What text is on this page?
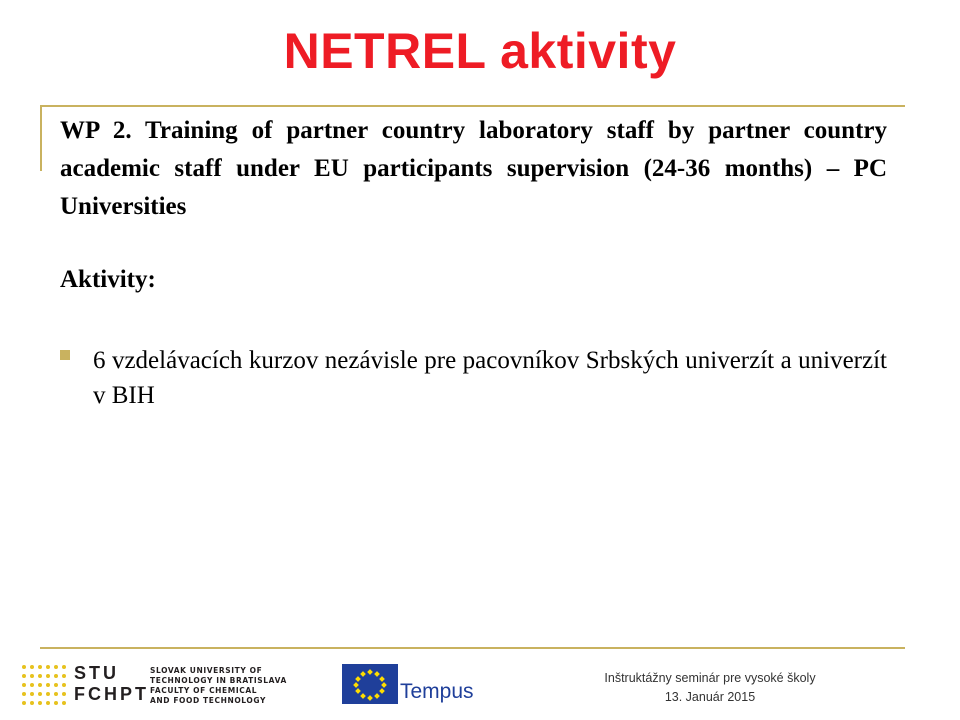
NETREL aktivity
WP 2. Training of partner country laboratory staff by partner country academic staff under EU participants supervision (24-36 months) – PC Universities
Aktivity:
6 vzdelávacích kurzov nezávisle pre pacovníkov Srbských univerzít a univerzít v BIH
STU
FCHPT
SLOVAK UNIVERSITY OF
TECHNOLOGY IN BRATISLAVA
FACULTY OF CHEMICAL
AND FOOD TECHNOLOGY	Tempus
Inštruktážny seminár pre vysoké školy
13. Január 2015
